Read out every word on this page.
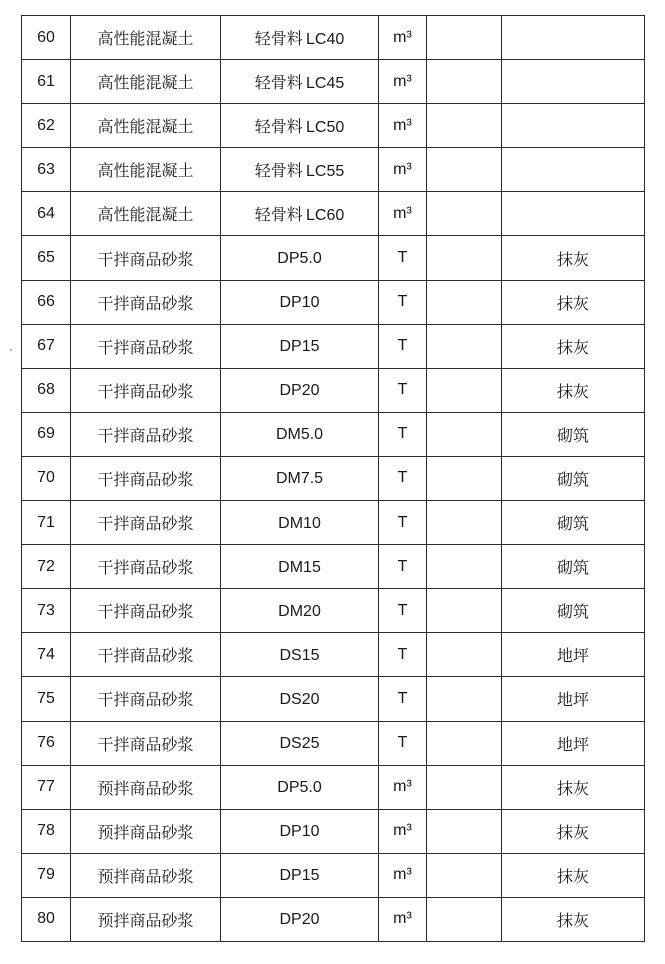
60	高性能混凝土	轻骨料  LC40	m³		
61	高性能混凝土	轻骨料  LC45	m³		
62	高性能混凝土	轻骨料  LC50	m³		
63	高性能混凝土	轻骨料  LC55	m³		
64	高性能混凝土	轻骨料  LC60	m³		
65	干拌商品砂浆	DP5.0	T		抹灰
66	干拌商品砂浆	DP10	T		抹灰
67	干拌商品砂浆	DP15	T		抹灰
68	干拌商品砂浆	DP20	T		抹灰
69	干拌商品砂浆	DM5.0	T		砌筑
70	干拌商品砂浆	DM7.5	T		砌筑
71	干拌商品砂浆	DM10	T		砌筑
72	干拌商品砂浆	DM15	T		砌筑
73	干拌商品砂浆	DM20	T		砌筑
74	干拌商品砂浆	DS15	T		地坪
75	干拌商品砂浆	DS20	T		地坪
76	干拌商品砂浆	DS25	T		地坪
77	预拌商品砂浆	DP5.0	m³		抹灰
78	预拌商品砂浆	DP10	m³		抹灰
79	预拌商品砂浆	DP15	m³		抹灰
80	预拌商品砂浆	DP20	m³		抹灰
